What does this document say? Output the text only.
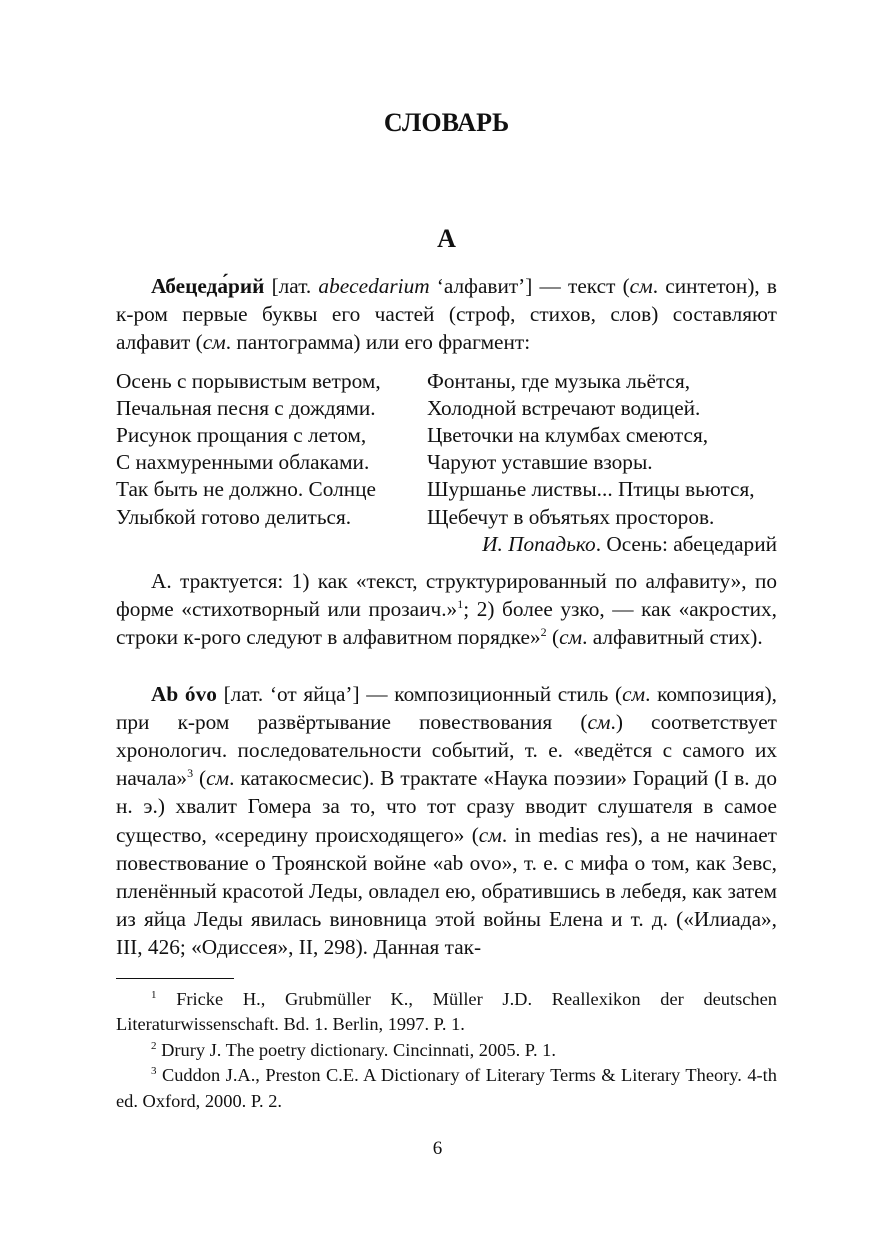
СЛОВАРЬ
А

Абецеда́рий [лат. abecedarium ‘алфавит’] — текст (см. синтетон), в к-ром первые буквы его частей (строф, стихов, слов) составляют алфавит (см. пантограмма) или его фрагмент:

Осень с порывистым ветром,
Печальная песня с дождями.
Рисунок прощания с летом,
С нахмуренными облаками.
Так быть не должно. Солнце
Улыбкой готово делиться.
Фонтаны, где музыка льётся,
Холодной встречают водицей.
Цветочки на клумбах смеются,
Чаруют уставшие взоры.
Шуршанье листвы... Птицы вьются,
Щебечут в объятьях просторов.
И. Попадько. Осень: абецедарий

А. трактуется: 1) как «текст, структурированный по алфавиту», по форме «стихотворный или прозаич.»$^1$; 2) более узко, — как «акростих, строки к-рого следуют в алфавитном порядке»$^2$ (см. алфавитный стих).

Ab óvo [лат. ‘от яйца’] — композиционный стиль (см. композиция), при к-ром развёртывание повествования (см.) соответствует хронологич. последовательности событий, т. е. «ведётся с самого их начала»$^3$ (см. катакосмесис). В трактате «Наука поэзии» Гораций (I в. до н. э.) хвалит Гомера за то, что тот сразу вводит слушателя в самое существо, «середину происходящего» (см. in medias res), а не начинает повествование о Троянской войне «ab ovo», т. е. с мифа о том, как Зевс, пленённый красотой Леды, овладел ею, обратившись в лебедя, как затем из яйца Леды явилась виновница этой войны Елена и т. д. («Илиада», III, 426; «Одиссея», II, 298). Данная так-

$^1$ Fricke H., Grubmüller K., Müller J.D. Reallexikon der deutschen Literaturwissenschaft. Bd. 1. Berlin, 1997. P. 1.

$^2$ Drury J. The poetry dictionary. Cincinnati, 2005. P. 1.

$^3$ Cuddon J.A., Preston C.E. A Dictionary of Literary Terms & Literary Theory. 4-th ed. Oxford, 2000. P. 2.

6
